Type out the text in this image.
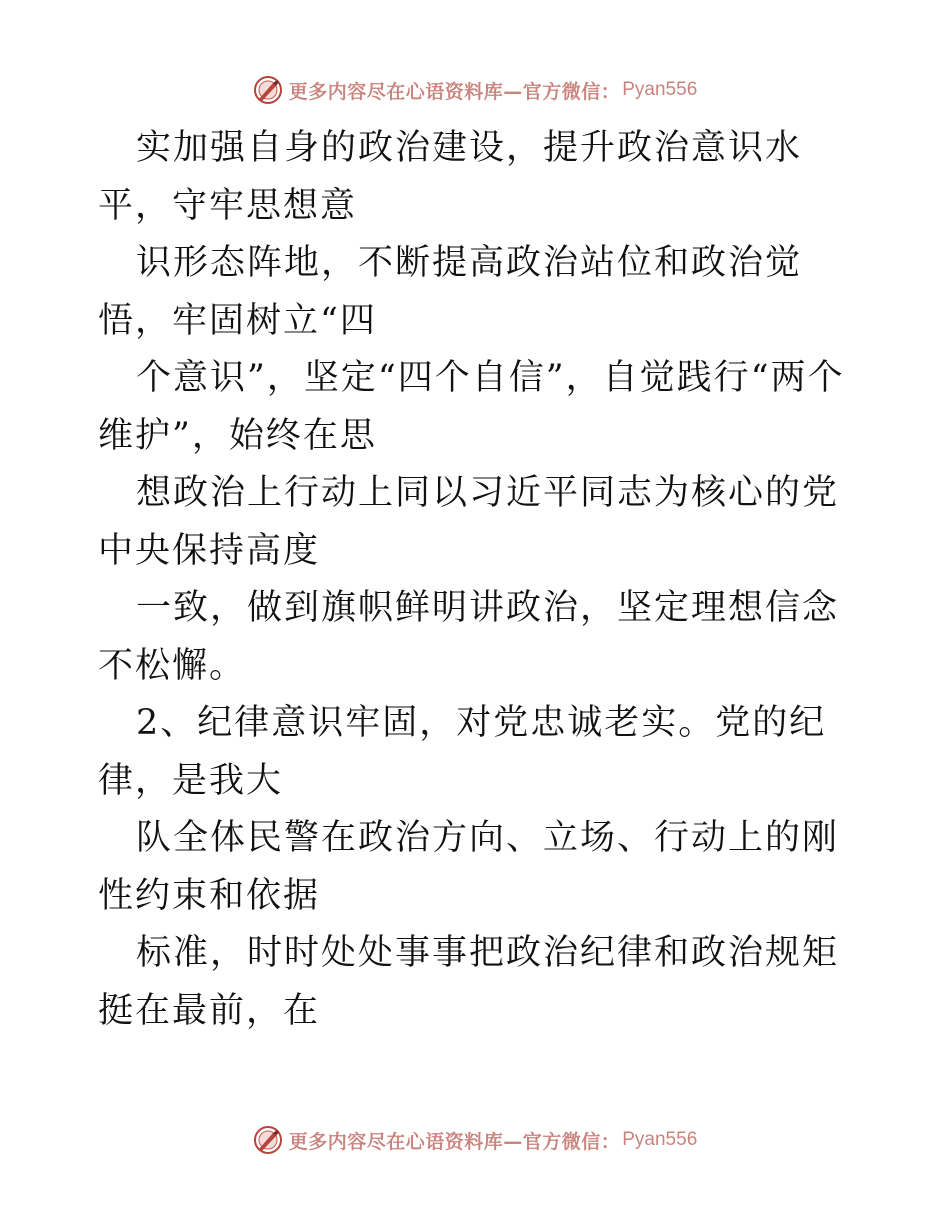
更多内容尽在心语资料库—官方微信： Pyan556

实加强自身的政治建设，提升政治意识水平，守牢思想意

识形态阵地，不断提高政治站位和政治觉悟，牢固树立“四

个意识”，坚定“四个自信”，自觉践行“两个维护”，始终在思

想政治上行动上同以习近平同志为核心的党中央保持高度

一致，做到旗帜鲜明讲政治，坚定理想信念不松懈。

2、纪律意识牢固，对党忠诚老实。党的纪律，是我大

队全体民警在政治方向、立场、行动上的刚性约束和依据

标准，时时处处事事把政治纪律和政治规矩挺在最前，在

更多内容尽在心语资料库—官方微信： Pyan556
